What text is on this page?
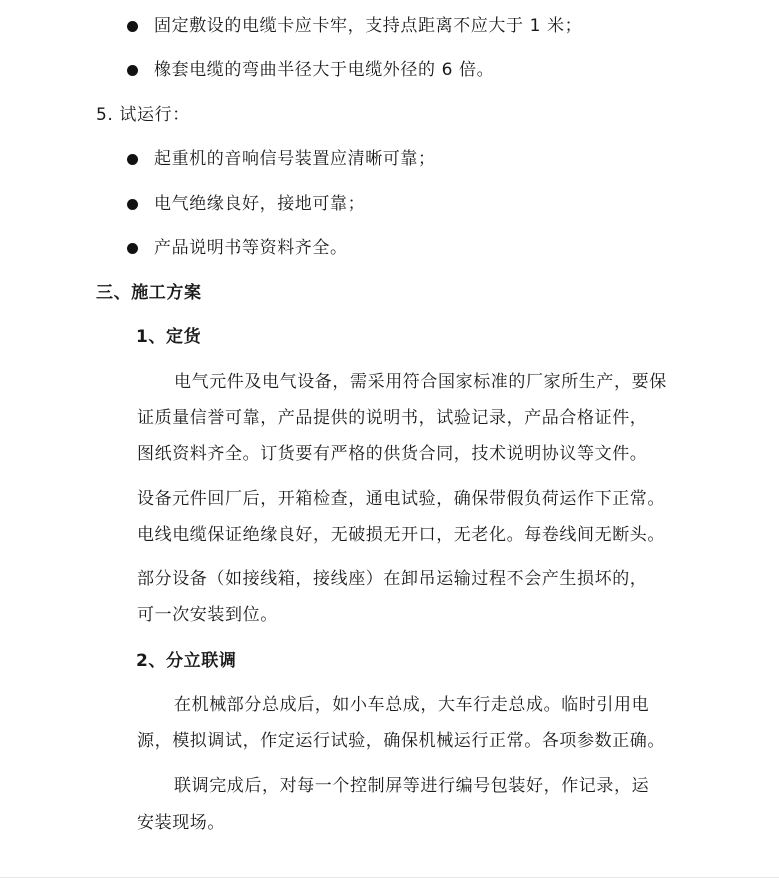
固定敷设的电缆卡应卡牢，支持点距离不应大于 1 米；
橡套电缆的弯曲半径大于电缆外径的 6 倍。
5. 试运行：
起重机的音响信号装置应清晰可靠；
电气绝缘良好，接地可靠；
产品说明书等资料齐全。
三、施工方案
1、定货
电气元件及电气设备，需采用符合国家标准的厂家所生产，要保
证质量信誉可靠，产品提供的说明书，试验记录，产品合格证件，
图纸资料齐全。订货要有严格的供货合同，技术说明协议等文件。
设备元件回厂后，开箱检查，通电试验，确保带假负荷运作下正常。
电线电缆保证绝缘良好，无破损无开口，无老化。每卷线间无断头。
部分设备（如接线箱，接线座）在卸吊运输过程不会产生损坏的，
可一次安装到位。
2、分立联调
在机械部分总成后，如小车总成，大车行走总成。临时引用电
源，模拟调试，作定运行试验，确保机械运行正常。各项参数正确。
联调完成后，对每一个控制屏等进行编号包装好，作记录，运
安装现场。
